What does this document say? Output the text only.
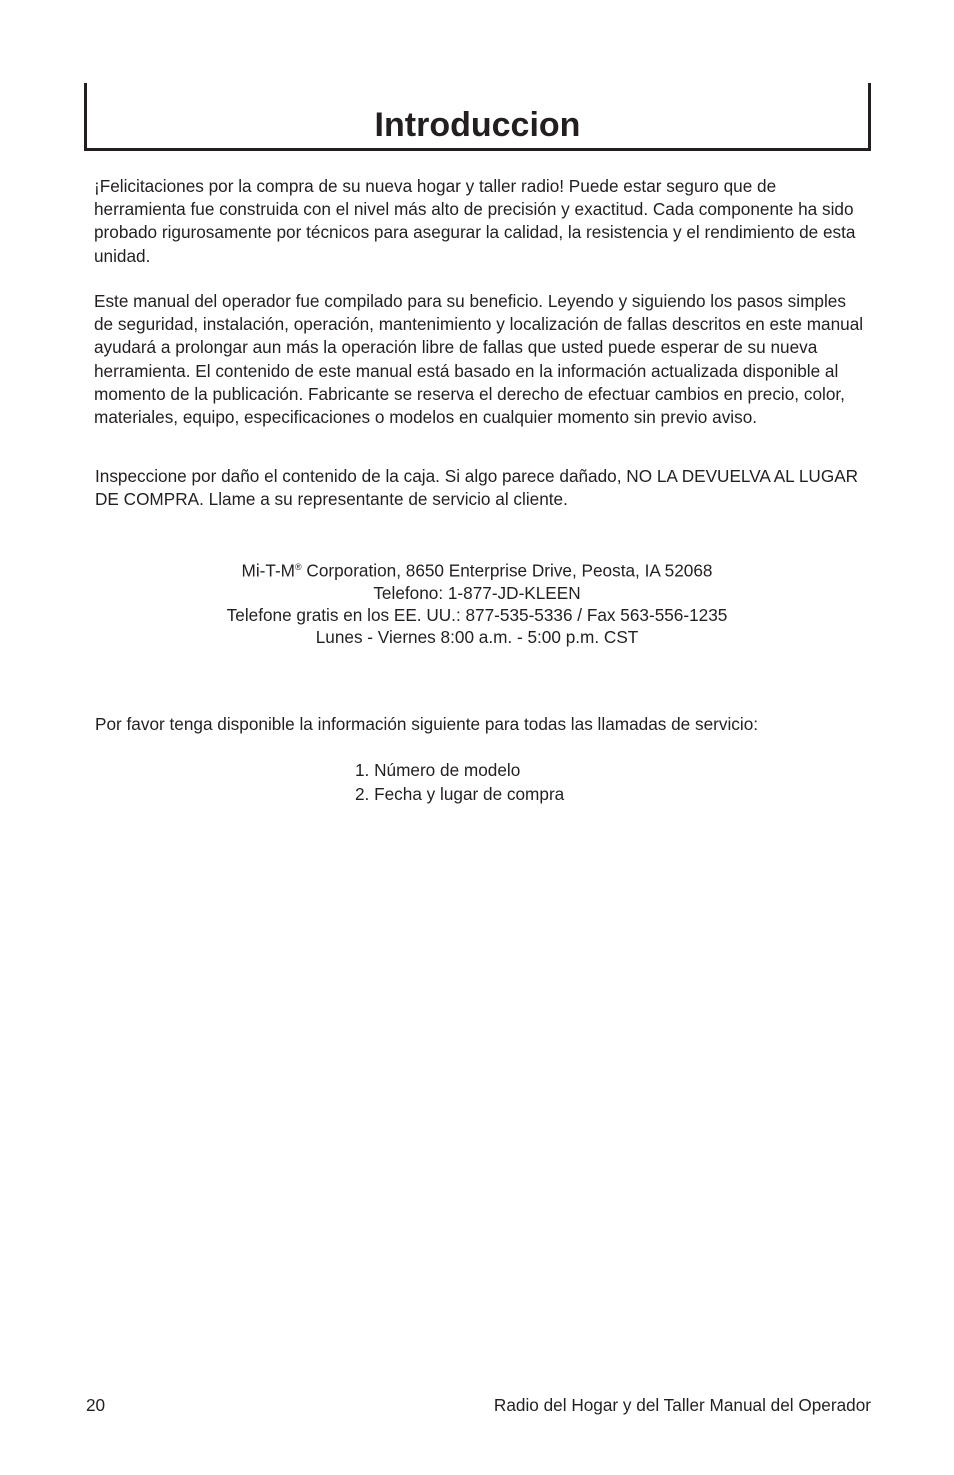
Introduccion

¡Felicitaciones por la compra de su nueva hogar y taller radio! Puede estar seguro que de herramienta fue construida con el nivel más alto de precisión y exactitud. Cada componente ha sido probado rigurosamente por técnicos para asegurar la calidad, la resistencia y el rendimiento de esta unidad.

Este manual del operador fue compilado para su beneficio. Leyendo y siguiendo los pasos simples de seguridad, instalación, operación, mantenimiento y localización de fallas descritos en este manual ayudará a prolongar aun más la operación libre de fallas que usted puede esperar de su nueva herramienta. El contenido de este manual está basado en la información actualizada disponible al momento de la publicación. Fabricante se reserva el derecho de efectuar cambios en precio, color, materiales, equipo, especificaciones o modelos en cualquier momento sin previo aviso.

Inspeccione por daño el contenido de la caja. Si algo parece dañado, NO LA DEVUELVA AL LUGAR DE COMPRA. Llame a su representante de servicio al cliente.

Mi-T-M® Corporation, 8650 Enterprise Drive, Peosta, IA 52068
Telefono: 1-877-JD-KLEEN
Telefone gratis en los EE. UU.: 877-535-5336 / Fax 563-556-1235
Lunes - Viernes 8:00 a.m. - 5:00 p.m. CST

Por favor tenga disponible la información siguiente para todas las llamadas de servicio:

1. Número de modelo
2. Fecha y lugar de compra
20	Radio del Hogar y del Taller Manual del Operador
